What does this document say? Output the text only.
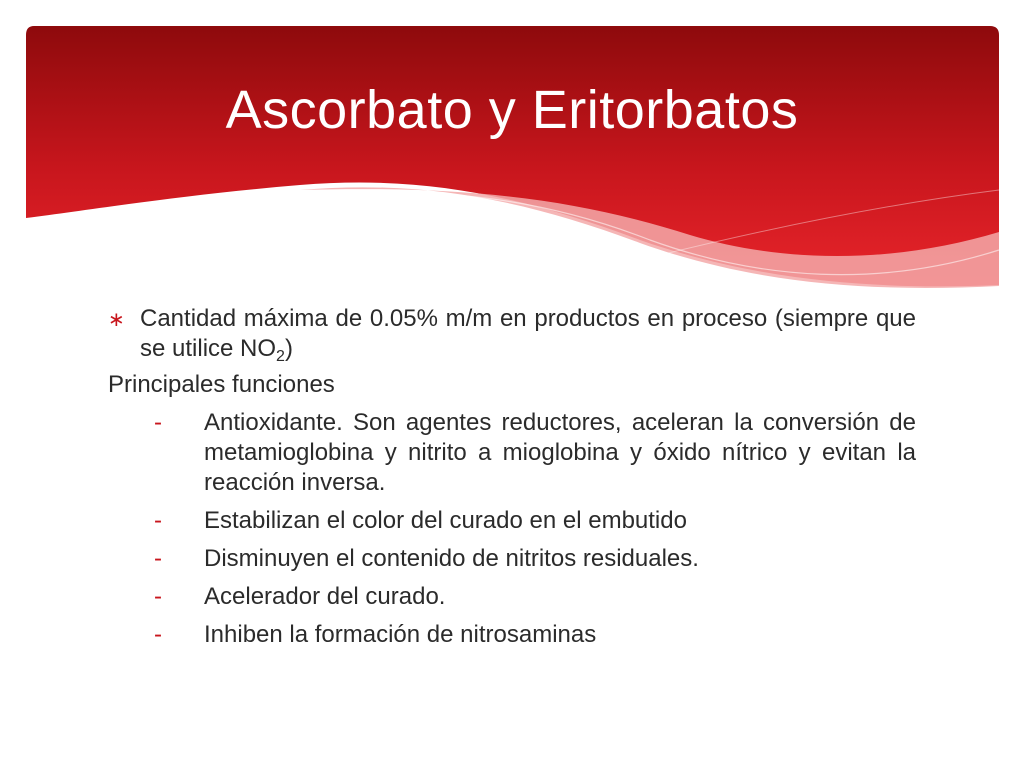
Ascorbato y Eritorbatos
∗ Cantidad máxima de 0.05% m/m en productos en proceso (siempre que se utilice $NO_2$)
Principales funciones
- Antioxidante. Son agentes reductores, aceleran la conversión de metamioglobina y nitrito a mioglobina y óxido nítrico y evitan la reacción inversa.
- Estabilizan el color del curado en el embutido
- Disminuyen el contenido de nitritos residuales.
- Acelerador del curado.
- Inhiben la formación de nitrosaminas
